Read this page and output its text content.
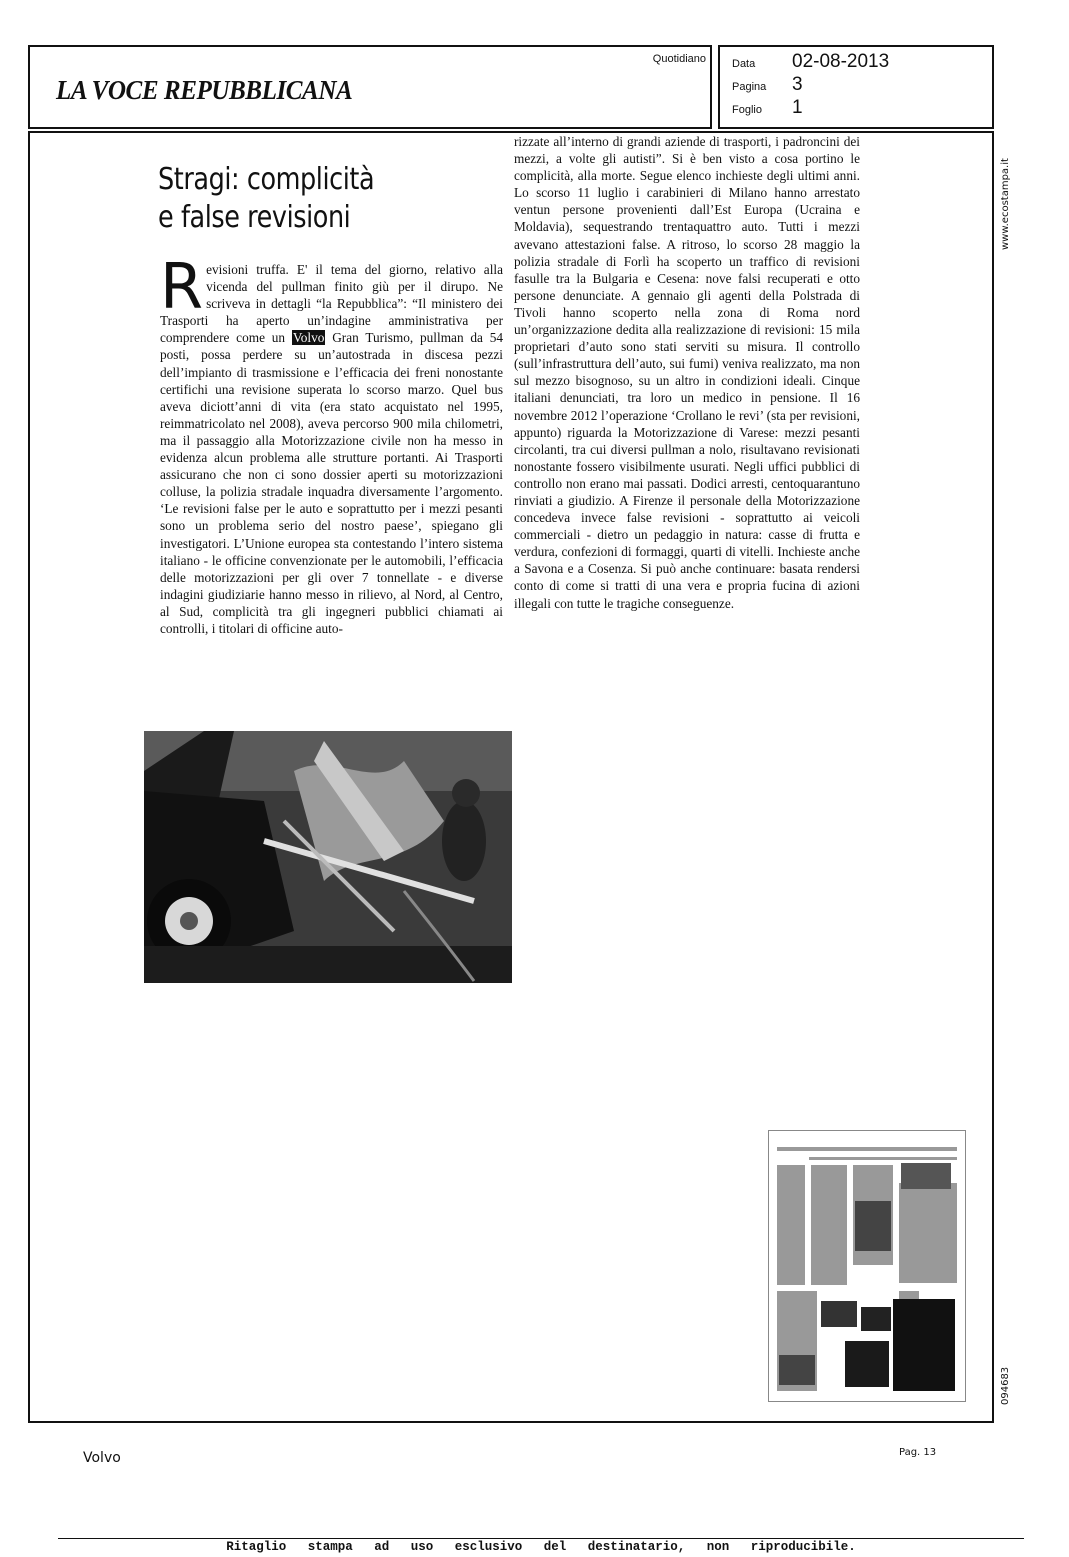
LA VOCE REPUBBLICANA
Quotidiano Data 02-08-2013
Pagina 3
Foglio 1
Stragi: complicità
e false revisioni
Revisioni truffa. E' il tema del giorno, relativo alla vicenda del pullman finito giù per il dirupo. Ne scriveva in dettagli “la Repubblica”: “Il ministero dei Trasporti ha aperto un’indagine amministrativa per comprendere come un Volvo Gran Turismo, pullman da 54 posti, possa perdere su un’autostrada in discesa pezzi dell’impianto di trasmissione e l’efficacia dei freni nonostante certifichi una revisione superata lo scorso marzo. Quel bus aveva diciott’anni di vita (era stato acquistato nel 1995, reimmatricolato nel 2008), aveva percorso 900 mila chilometri, ma il passaggio alla Motorizzazione civile non ha messo in evidenza alcun problema alle strutture portanti. Ai Trasporti assicurano che non ci sono dossier aperti su motorizzazioni colluse, la polizia stradale inquadra diversamente l’argomento. ‘Le revisioni false per le auto e soprattutto per i mezzi pesanti sono un problema serio del nostro paese’, spiegano gli investigatori. L’Unione europea sta contestando l’intero sistema italiano - le officine convenzionate per le automobili, l’efficacia delle motorizzazioni per gli over 7 tonnellate - e diverse indagini giudiziarie hanno messo in rilievo, al Nord, al Centro, al Sud, complicità tra gli ingegneri pubblici chiamati ai controlli, i titolari di officine auto-
rizzate all’interno di grandi aziende di trasporti, i padroncini dei mezzi, a volte gli autisti”. Si è ben visto a cosa portino le complicità, alla morte. Segue elenco inchieste degli ultimi anni. Lo scorso 11 luglio i carabinieri di Milano hanno arrestato ventun persone provenienti dall’Est Europa (Ucraina e Moldavia), sequestrando trentaquattro auto. Tutti i mezzi avevano attestazioni false. A ritroso, lo scorso 28 maggio la polizia stradale di Forlì ha scoperto un traffico di revisioni fasulle tra la Bulgaria e Cesena: nove falsi recuperati e otto persone denunciate. A gennaio gli agenti della Polstrada di Tivoli hanno scoperto nella zona di Roma nord un’organizzazione dedita alla realizzazione di revisioni: 15 mila proprietari d’auto sono stati serviti su misura. Il controllo (sull’infrastruttura dell’auto, sui fumi) veniva realizzato, ma non sul mezzo bisognoso, su un altro in condizioni ideali. Cinque italiani denunciati, tra loro un medico in pensione. Il 16 novembre 2012 l’operazione ‘Crollano le revi’ (sta per revisioni, appunto) riguarda la Motorizzazione di Varese: mezzi pesanti circolanti, tra cui diversi pullman a nolo, risultavano revisionati nonostante fossero visibilmente usurati. Negli uffici pubblici di controllo non erano mai passati. Dodici arresti, centoquarantuno rinviati a giudizio. A Firenze il personale della Motorizzazione concedeva invece false revisioni - soprattutto ai veicoli commerciali - dietro un pedaggio in natura: casse di frutta e verdura, confezioni di formaggi, quarti di vitelli. Inchieste anche a Savona e a Cosenza. Si può anche continuare: basata rendersi conto di come si tratti di una vera e propria fucina di azioni illegali con tutte le tragiche conseguenze.
Ritaglio stampa ad uso esclusivo del destinatario, non riproducibile.
www.ecostampa.it
094683
Volvo	Pag. 13
